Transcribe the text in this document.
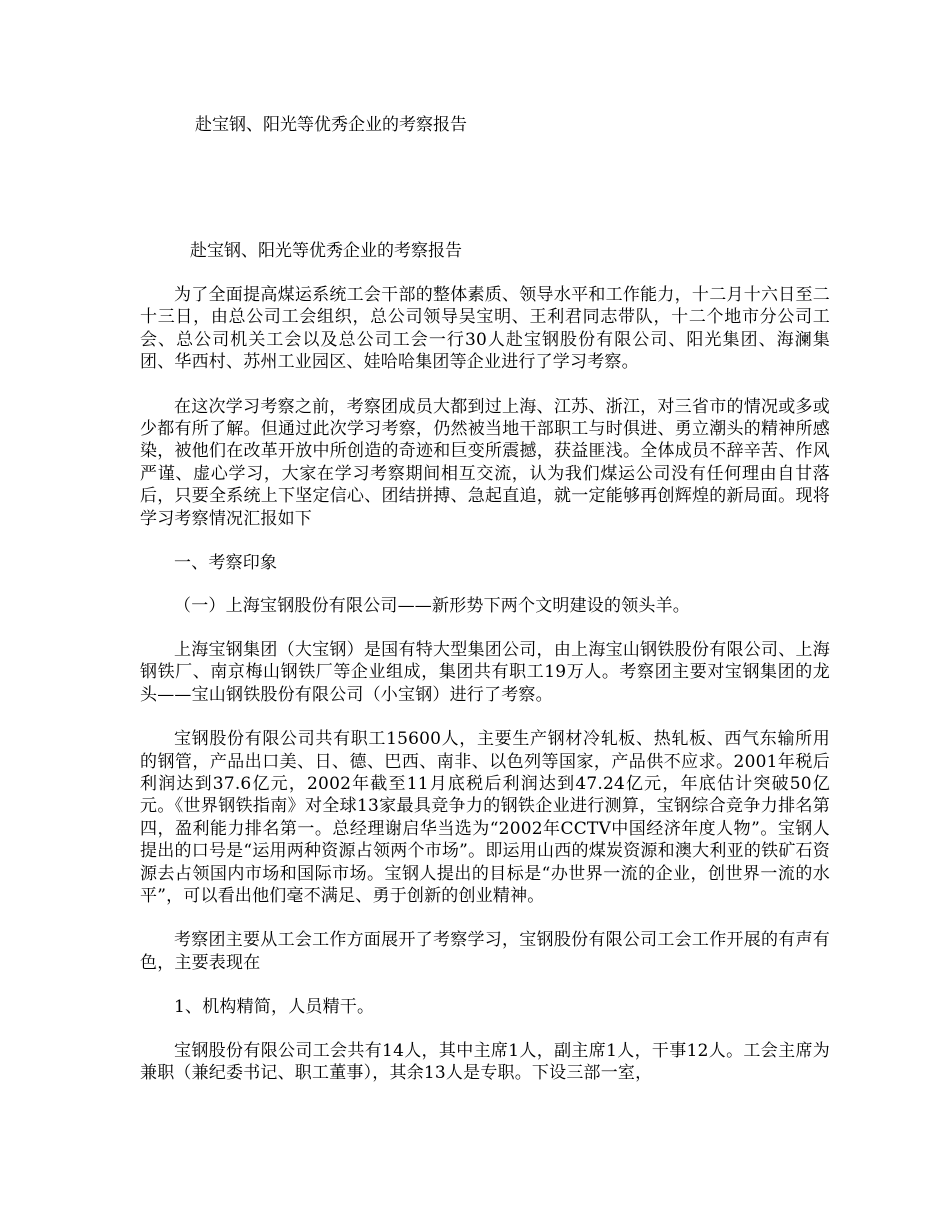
赴宝钢、阳光等优秀企业的考察报告
赴宝钢、阳光等优秀企业的考察报告

为了全面提高煤运系统工会干部的整体素质、领导水平和工作能力，十二月十六日至二十三日，由总公司工会组织，总公司领导吴宝明、王利君同志带队，十二个地市分公司工会、总公司机关工会以及总公司工会一行30人赴宝钢股份有限公司、阳光集团、海澜集团、华西村、苏州工业园区、娃哈哈集团等企业进行了学习考察。

在这次学习考察之前，考察团成员大都到过上海、江苏、浙江，对三省市的情况或多或少都有所了解。但通过此次学习考察，仍然被当地干部职工与时俱进、勇立潮头的精神所感染，被他们在改革开放中所创造的奇迹和巨变所震撼，获益匪浅。全体成员不辞辛苦、作风严谨、虚心学习，大家在学习考察期间相互交流，认为我们煤运公司没有任何理由自甘落后，只要全系统上下坚定信心、团结拼搏、急起直追，就一定能够再创辉煌的新局面。现将学习考察情况汇报如下

一、考察印象

（一）上海宝钢股份有限公司——新形势下两个文明建设的领头羊。

上海宝钢集团（大宝钢）是国有特大型集团公司，由上海宝山钢铁股份有限公司、上海钢铁厂、南京梅山钢铁厂等企业组成，集团共有职工19万人。考察团主要对宝钢集团的龙头——宝山钢铁股份有限公司（小宝钢）进行了考察。

宝钢股份有限公司共有职工15600人，主要生产钢材冷轧板、热轧板、西气东输所用的钢管，产品出口美、日、德、巴西、南非、以色列等国家，产品供不应求。2001年税后利润达到37.6亿元，2002年截至11月底税后利润达到47.24亿元，年底估计突破50亿元。《世界钢铁指南》对全球13家最具竞争力的钢铁企业进行测算，宝钢综合竞争力排名第四，盈利能力排名第一。总经理谢启华当选为“2002年CCTV中国经济年度人物”。宝钢人提出的口号是“运用两种资源占领两个市场”。即运用山西的煤炭资源和澳大利亚的铁矿石资源去占领国内市场和国际市场。宝钢人提出的目标是“办世界一流的企业，创世界一流的水平”，可以看出他们毫不满足、勇于创新的创业精神。

考察团主要从工会工作方面展开了考察学习，宝钢股份有限公司工会工作开展的有声有色，主要表现在

1、机构精简，人员精干。

宝钢股份有限公司工会共有14人，其中主席1人，副主席1人，干事12人。工会主席为兼职（兼纪委书记、职工董事），其余13人是专职。下设三部一室，
